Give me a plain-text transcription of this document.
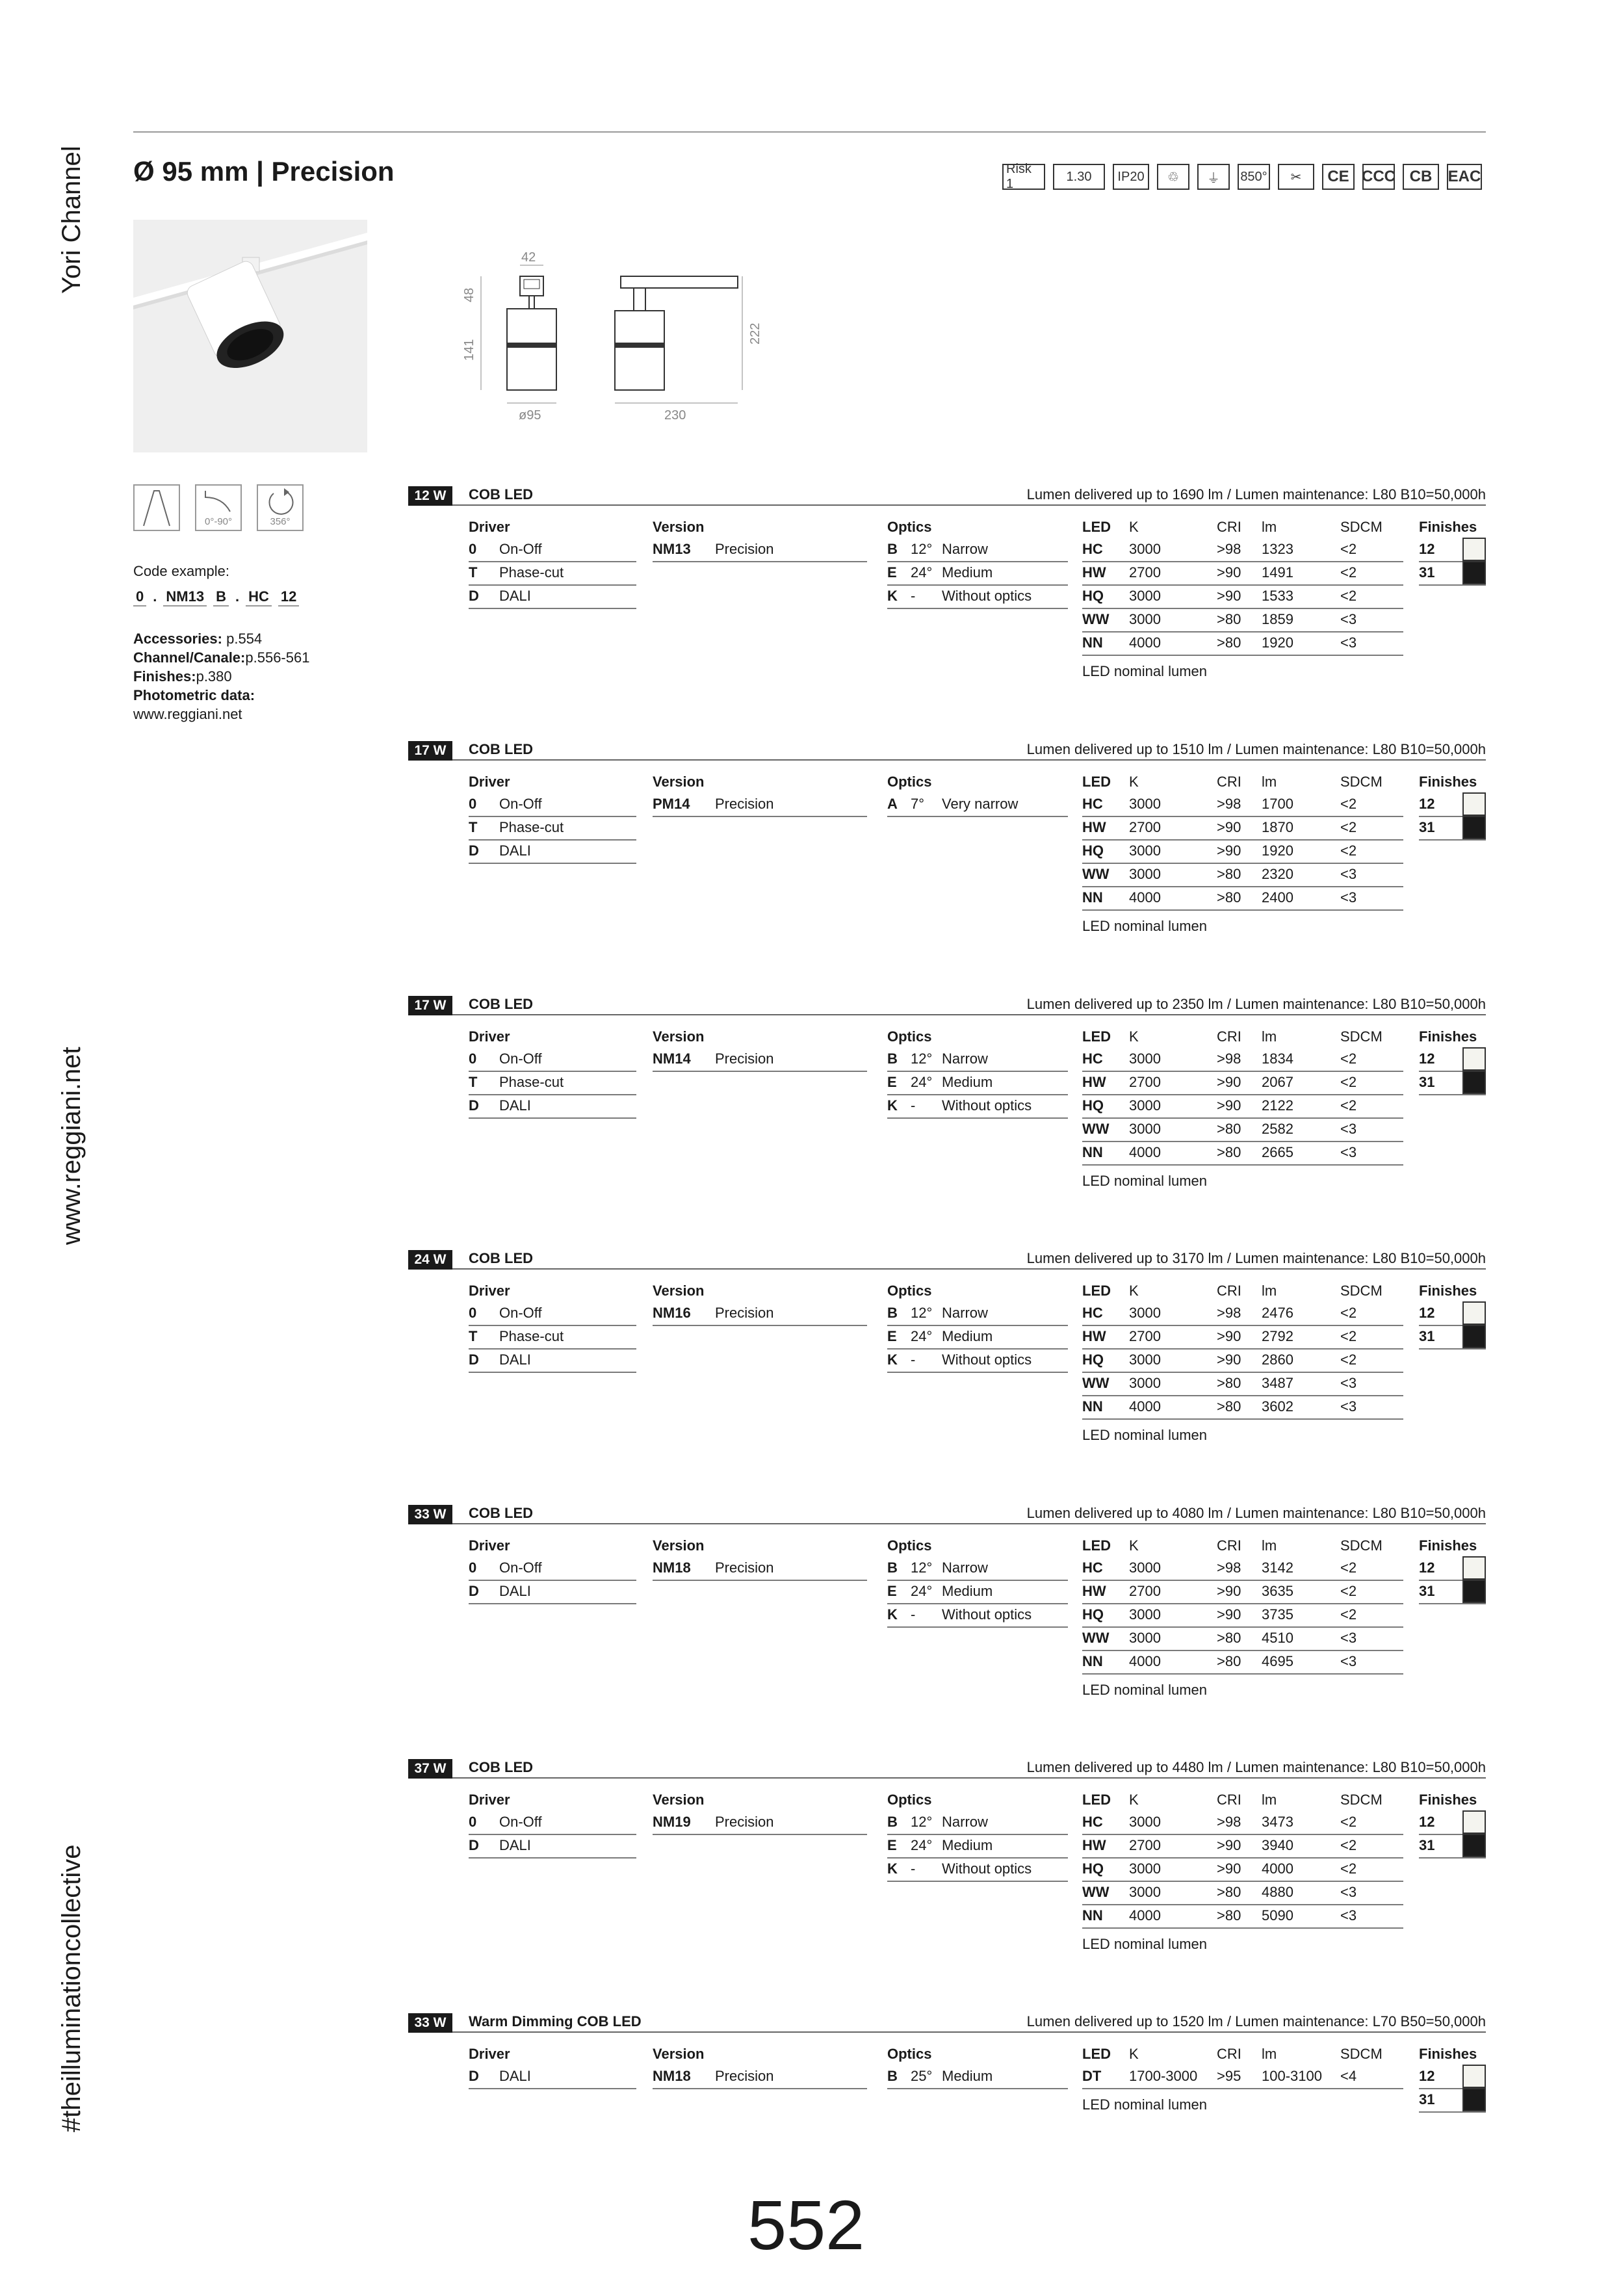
Yori Channel
www.reggiani.net
#theilluminationcollective
Ø 95 mm | Precision	EAC
CB
CCC
CE
✂
850°
⏚
♲
IP20
1.30
Risk 1
42
48
141
222
ø95	230
0°-90°	356°
Code example:
0 . NM13 B . HC 12
Accessories: p.554
Channel/Canale:p.556-561
Finishes:p.380
Photometric data:
www.reggiani.net
12 W	COB LED	Lumen delivered up to 1690 lm / Lumen maintenance: L80 B10=50,000h
Driver
0	On-Off
T	Phase-cut
D	DALI
Version
NM13	Precision
Optics
B 12° Narrow
E 24° Medium
K -	Without optics
LED	K	CRI	lm	SDCM
HC	3000	>98	1323	<2
HW	2700	>90	1491	<2
HQ	3000	>90	1533	<2
WW	3000	>80	1859	<3
NN	4000	>80	1920	<3
LED nominal lumen
Finishes
12
31
17 W	COB LED	Lumen delivered up to 1510 lm / Lumen maintenance: L80 B10=50,000h
Driver
0	On-Off
T	Phase-cut
D	DALI
Version
PM14	Precision
Optics
A 7°	Very narrow
LED	K	CRI	lm	SDCM
HC	3000	>98	1700	<2
HW	2700	>90	1870	<2
HQ	3000	>90	1920	<2
WW	3000	>80	2320	<3
NN	4000	>80	2400	<3
LED nominal lumen
Finishes
12
31
17 W	COB LED	Lumen delivered up to 2350 lm / Lumen maintenance: L80 B10=50,000h
Driver
0	On-Off
T	Phase-cut
D	DALI
Version
NM14	Precision
Optics
B 12° Narrow
E 24° Medium
K -	Without optics
LED	K	CRI	lm	SDCM
HC	3000	>98	1834	<2
HW	2700	>90	2067	<2
HQ	3000	>90	2122	<2
WW	3000	>80	2582	<3
NN	4000	>80	2665	<3
LED nominal lumen
Finishes
12
31
24 W	COB LED	Lumen delivered up to 3170 lm / Lumen maintenance: L80 B10=50,000h
Driver
0	On-Off
T	Phase-cut
D	DALI
Version
NM16	Precision
Optics
B 12° Narrow
E 24° Medium
K -	Without optics
LED	K	CRI	lm	SDCM
HC	3000	>98	2476	<2
HW	2700	>90	2792	<2
HQ	3000	>90	2860	<2
WW	3000	>80	3487	<3
NN	4000	>80	3602	<3
LED nominal lumen
Finishes
12
31
33 W	COB LED	Lumen delivered up to 4080 lm / Lumen maintenance: L80 B10=50,000h
Driver
0	On-Off
D	DALI
Version
NM18	Precision
Optics
B 12° Narrow
E 24° Medium
K -	Without optics
LED	K	CRI	lm	SDCM
HC	3000	>98	3142	<2
HW	2700	>90	3635	<2
HQ	3000	>90	3735	<2
WW	3000	>80	4510	<3
NN	4000	>80	4695	<3
LED nominal lumen
Finishes
12
31
37 W	COB LED	Lumen delivered up to 4480 lm / Lumen maintenance: L80 B10=50,000h
Driver
0	On-Off
D	DALI
Version
NM19	Precision
Optics
B 12° Narrow
E 24° Medium
K -	Without optics
LED	K	CRI	lm	SDCM
HC	3000	>98	3473	<2
HW	2700	>90	3940	<2
HQ	3000	>90	4000	<2
WW	3000	>80	4880	<3
NN	4000	>80	5090	<3
LED nominal lumen
Finishes
12
31
33 W	Warm Dimming COB LED	Lumen delivered up to 1520 lm / Lumen maintenance: L70 B50=50,000h
Driver
D	DALI
Version
NM18	Precision
Optics
B 25° Medium
LED	K	CRI	lm	SDCM
DT	1700-3000	>95	100-3100	<4
LED nominal lumen
Finishes
12
31
552
